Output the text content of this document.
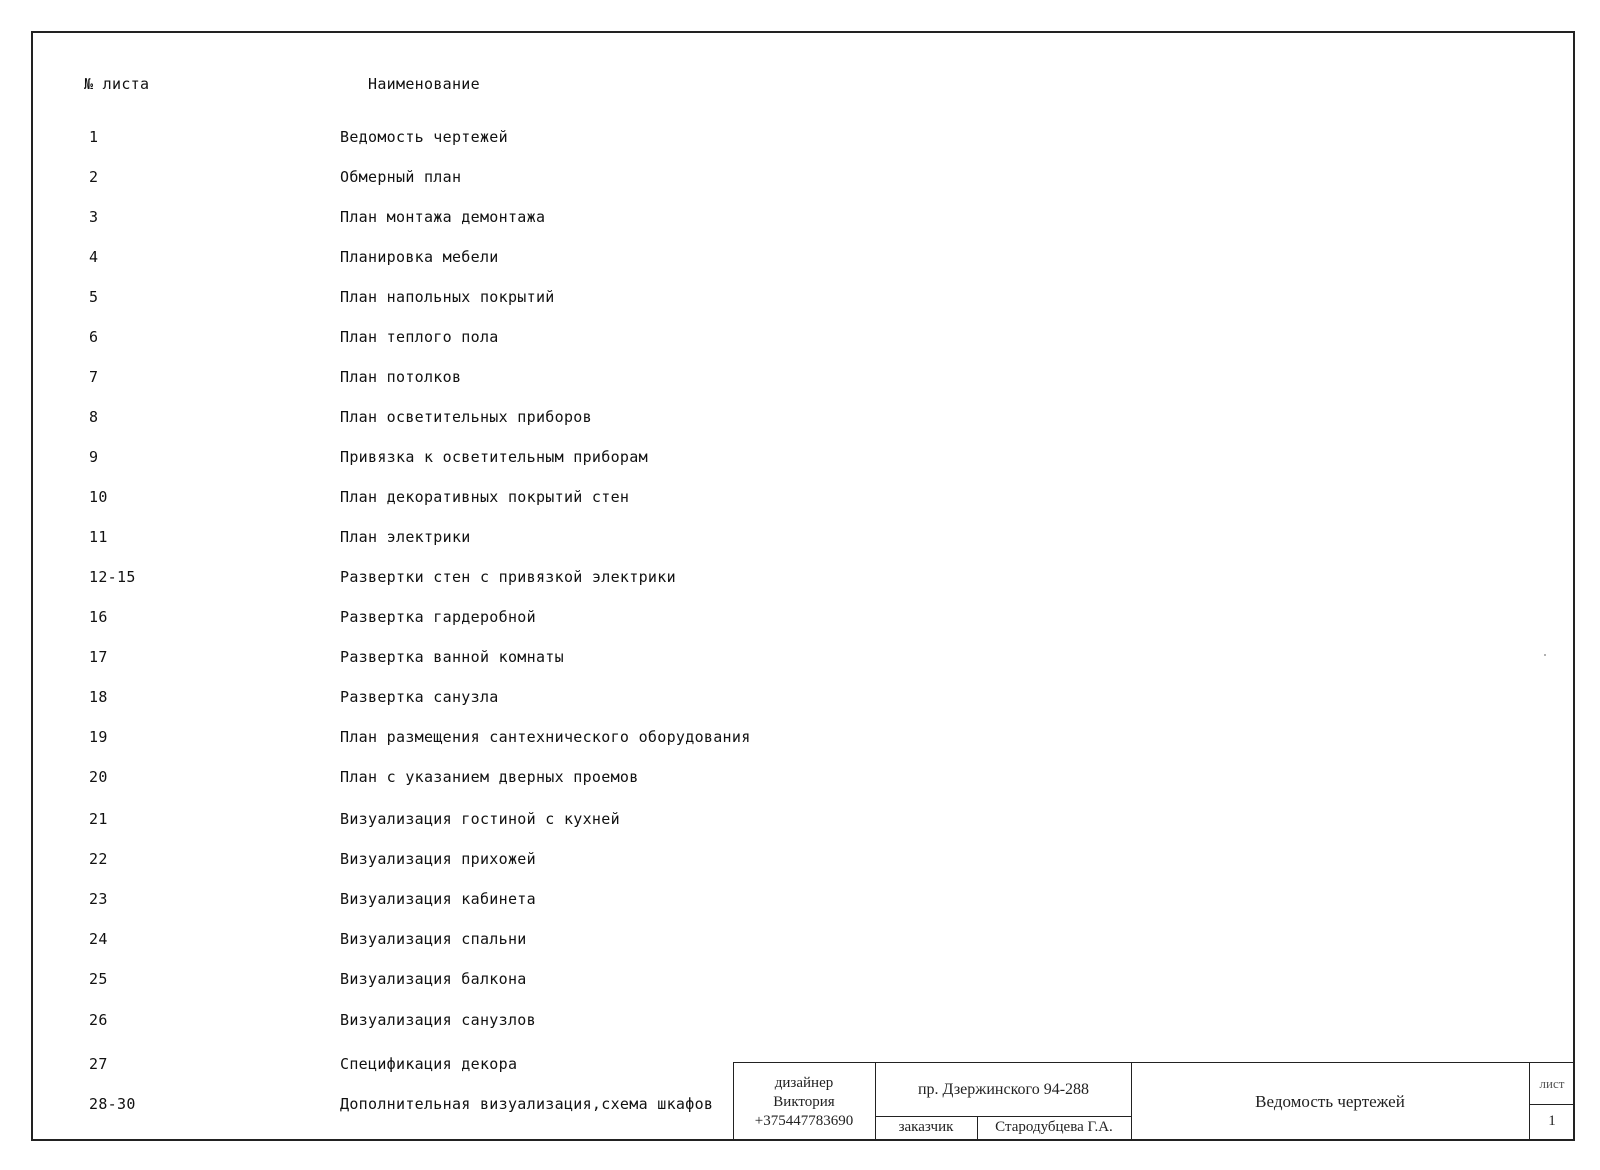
№ листа	Наименование
1	Ведомость чертежей
2	Обмерный план
3	План монтажа демонтажа
4	Планировка мебели
5	План напольных покрытий
6	План теплого пола
7	План потолков
8	План осветительных приборов
9	Привязка к осветительным приборам
10	План декоративных покрытий стен
11	План электрики
12-15	Развертки стен с привязкой электрики
16	Развертка гардеробной
17	Развертка ванной комнаты
18	Развертка санузла
19	План размещения сантехнического оборудования
20	План с указанием дверных проемов
21	Визуализация гостиной с кухней
22	Визуализация прихожей
23	Визуализация кабинета
24	Визуализация спальни
25	Визуализация балкона
26	Визуализация санузлов
27	Спецификация декора
28-30	Дополнительная визуализация,схема шкафов
дизайнер
Виктория
+375447783690
пр. Дзержинского 94-288
заказчик	Стародубцева Г.А.
Ведомость чертежей
лист
1
